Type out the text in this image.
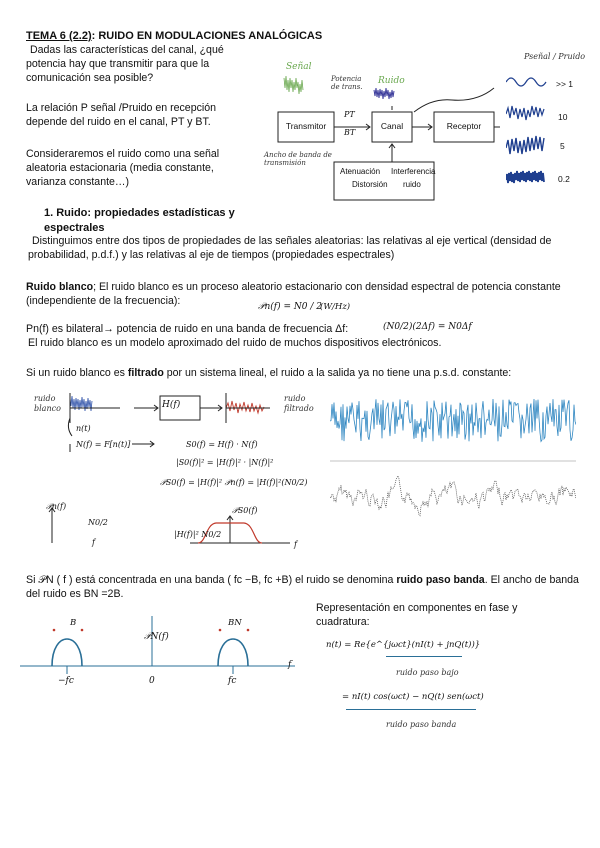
TEMA 6 (2.2): RUIDO EN MODULACIONES ANALÓGICAS
Dadas las características del canal, ¿qué potencia hay que transmitir para que la comunicación sea posible?
La relación P señal /Pruido en recepción depende del ruido en el canal, PT y BT.
Consideraremos el ruido como una señal aleatoria estacionaria (media constante, varianza constante…)
Señal
Potencia de trans.
Ruido
Transmitor	Canal	Receptor
PT
BT
Ancho de banda de transmisión
Atenuación Interferencia
Distorsión ruido
Pseñal / Pruido
>> 1
10
5
0.2
1. Ruido: propiedades estadísticas y espectrales
Distinguimos entre dos tipos de propiedades de las señales aleatorias: las relativas al eje vertical (densidad de probabilidad, p.d.f.) y las relativas al eje de tiempos (propiedades espectrales)
Ruido blanco; El ruido blanco es un proceso aleatorio estacionario con densidad espectral de potencia constante (independiente de la frecuencia):	𝒫n(f) = N0 / 2
(W/Hz)
Pn(f) es bilateral→ potencia de ruido en una banda de frecuencia Δf:	(N0/2)(2Δf) = N0Δf
El ruido blanco es un modelo aproximado del ruido de muchos dispositivos electrónicos.
Si un ruido blanco es filtrado por un sistema lineal, el ruido a la salida ya no tiene una p.s.d. constante:
ruido blanco	H(f)
ruido filtrado
n(t)
N(f) = F[n(t)]	S0(f) = H(f) · N(f)
|S0(f)|² = |H(f)|² · |N(f)|²
𝒫S0(f) = |H(f)|² 𝒫n(f) = |H(f)|²(N0/2)
𝒫n(f)
N0/2
f
𝒫S0(f)
|H(f)|² N0/2
f
Si 𝒫N ( f ) está concentrada en una banda ( fc −B, fc +B) el ruido se denomina ruido paso banda. El ancho de banda del ruido es BN =2B.
B	BN
𝒫N(f)
−fc	0	fc
f
Representación en componentes en fase y cuadratura:
n(t) = Re{e^{jωct}(nI(t) + jnQ(t))}
ruido paso bajo
= nI(t) cos(ωct) − nQ(t) sen(ωct)
ruido paso banda
